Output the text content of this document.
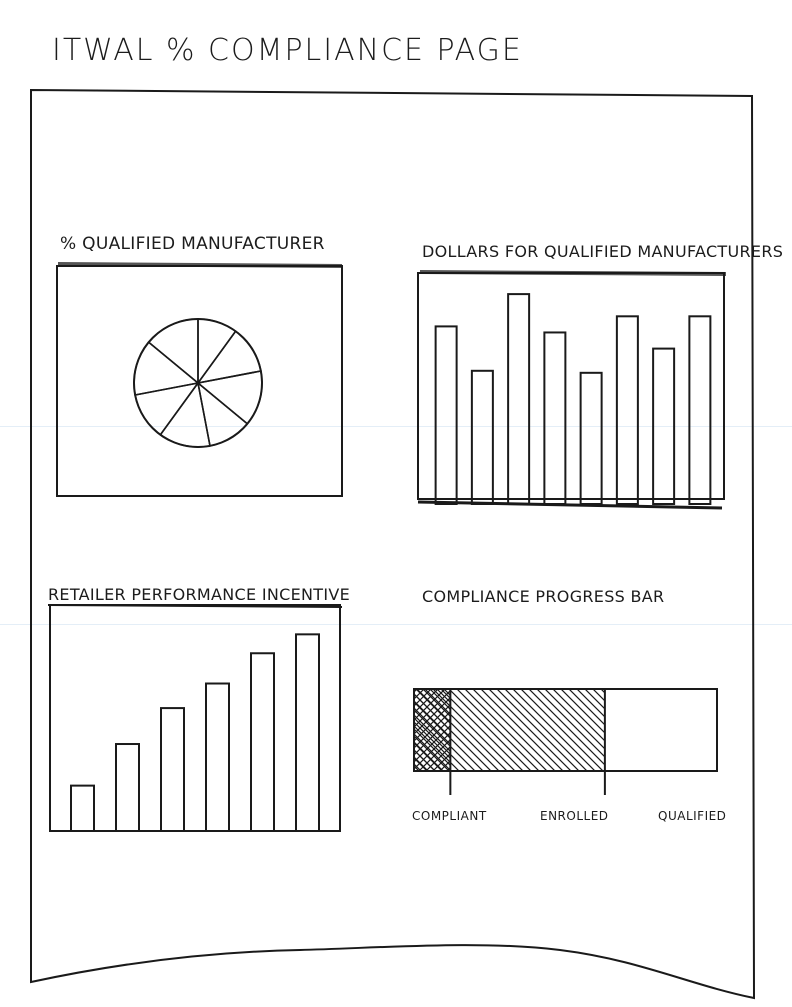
ITWAL % COMPLIANCE PAGE
% QUALIFIED MANUFACTURER	DOLLARS FOR QUALIFIED MANUFACTURERS
RETAILER PERFORMANCE INCENTIVE	COMPLIANCE PROGRESS BAR
COMPLIANT	ENROLLED	QUALIFIED
